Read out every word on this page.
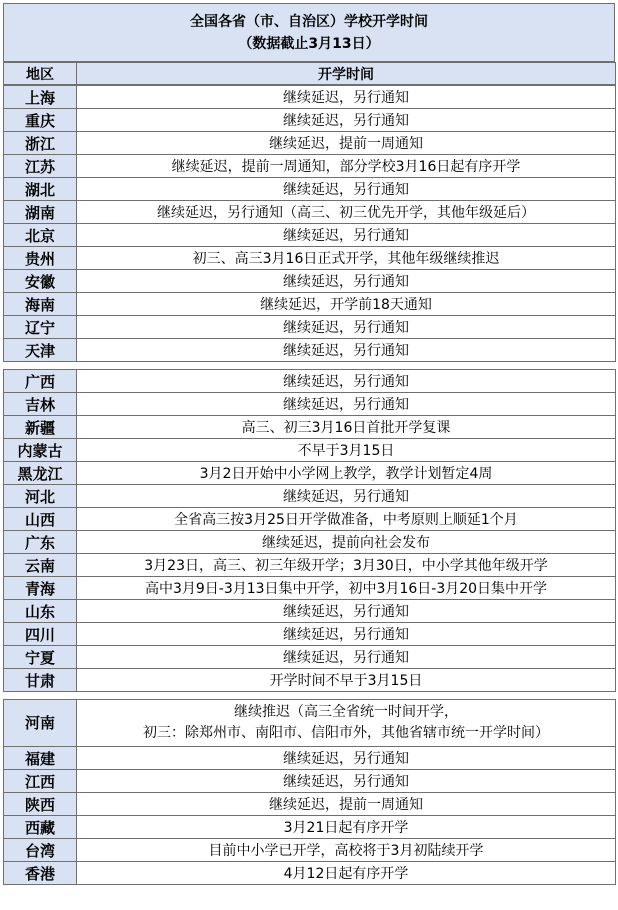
全国各省（市、自治区）学校开学时间
（数据截止3月13日）
地区	开学时间
上海	继续延迟，另行通知
重庆	继续延迟，另行通知
浙江	继续延迟，提前一周通知
江苏	继续延迟，提前一周通知，部分学校3月16日起有序开学
湖北	继续延迟，另行通知
湖南	继续延迟，另行通知（高三、初三优先开学，其他年级延后）
北京	继续延迟，另行通知
贵州	初三、高三3月16日正式开学，其他年级继续推迟
安徽	继续延迟，另行通知
海南	继续延迟，开学前18天通知
辽宁	继续延迟，另行通知
天津	继续延迟，另行通知
广西	继续延迟，另行通知
吉林	继续延迟，另行通知
新疆	高三、初三3月16日首批开学复课
内蒙古	不早于3月15日
黑龙江	3月2日开始中小学网上教学，教学计划暂定4周
河北	继续延迟，另行通知
山西	全省高三按3月25日开学做准备，中考原则上顺延1个月
广东	继续延迟，提前向社会发布
云南	3月23日，高三、初三年级开学；3月30日，中小学其他年级开学
青海	高中3月9日-3月13日集中开学，初中3月16日-3月20日集中开学
山东	继续延迟，另行通知
四川	继续延迟，另行通知
宁夏	继续延迟，另行通知
甘肃	开学时间不早于3月15日
河南	继续推迟（高三全省统一时间开学，
初三：除郑州市、南阳市、信阳市外，其他省辖市统一开学时间）

福建	继续延迟，另行通知
江西	继续延迟，另行通知
陕西	继续延迟，提前一周通知
西藏	3月21日起有序开学
台湾	目前中小学已开学，高校将于3月初陆续开学
香港	4月12日起有序开学
